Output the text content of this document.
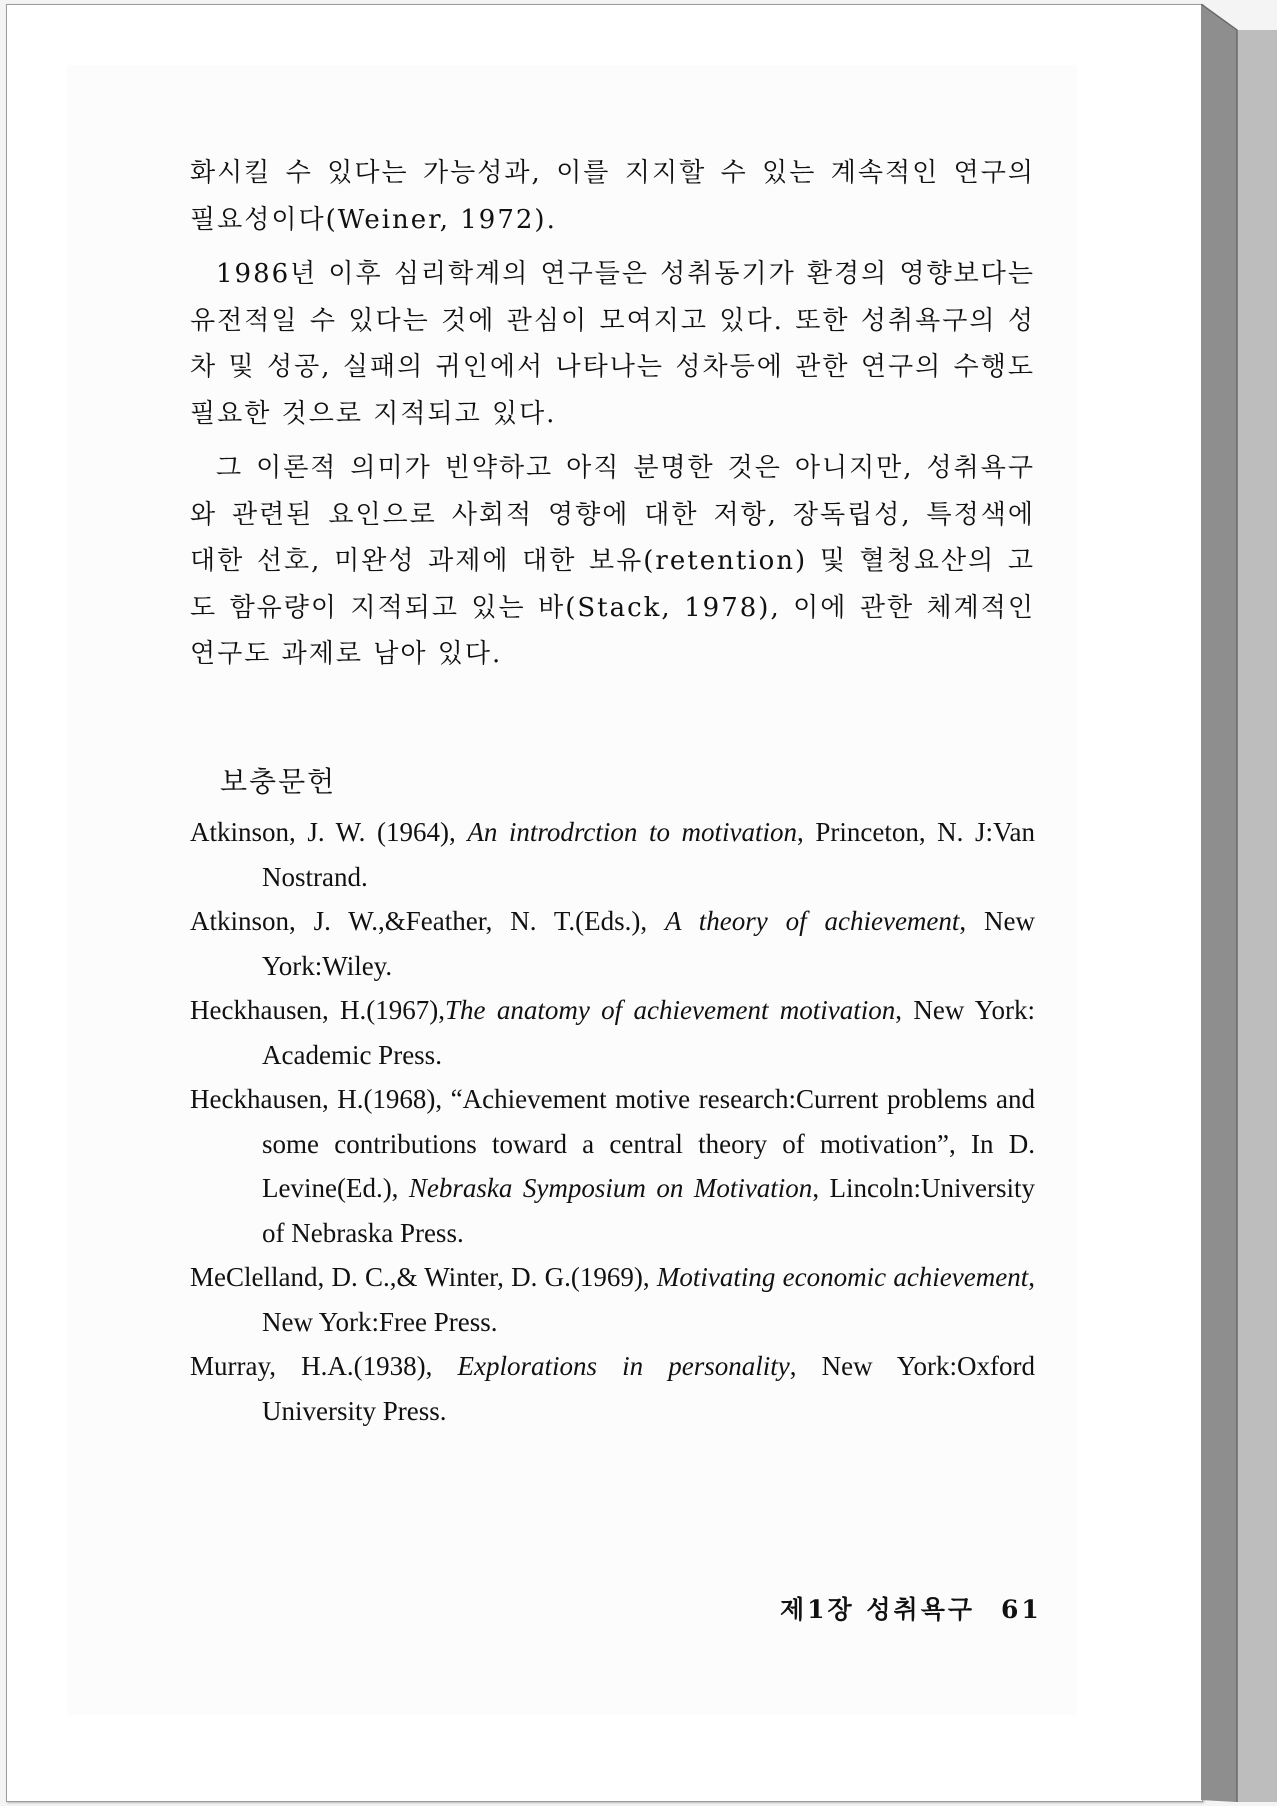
화시킬 수 있다는 가능성과, 이를 지지할 수 있는 계속적인 연구의 필요성이다(Weiner, 1972).

1986년 이후 심리학계의 연구들은 성취동기가 환경의 영향보다는 유전적일 수 있다는 것에 관심이 모여지고 있다. 또한 성취욕구의 성차 및 성공, 실패의 귀인에서 나타나는 성차등에 관한 연구의 수행도 필요한 것으로 지적되고 있다.

그 이론적 의미가 빈약하고 아직 분명한 것은 아니지만, 성취욕구와 관련된 요인으로 사회적 영향에 대한 저항, 장독립성, 특정색에 대한 선호, 미완성 과제에 대한 보유(retention) 및 혈청요산의 고도 함유량이 지적되고 있는 바(Stack, 1978), 이에 관한 체계적인 연구도 과제로 남아 있다.

보충문헌

Atkinson, J. W. (1964), An introdrction to motivation, Princeton, N. J:Van Nostrand.

Atkinson, J. W.,&Feather, N. T.(Eds.), A theory of achievement, New York:Wiley.

Heckhausen, H.(1967),The anatomy of achievement motivation, New York: Academic Press.

Heckhausen, H.(1968), “Achievement motive research:Current problems and some contributions toward a central theory of motivation”, In D. Levine(Ed.), Nebraska Symposium on Motivation, Lincoln:University of Nebraska Press.

MeClelland, D. C.,& Winter, D. G.(1969), Motivating economic achievement, New York:Free Press.

Murray, H.A.(1938), Explorations in personality, New York:Oxford University Press.

제1장 성취욕구 61
